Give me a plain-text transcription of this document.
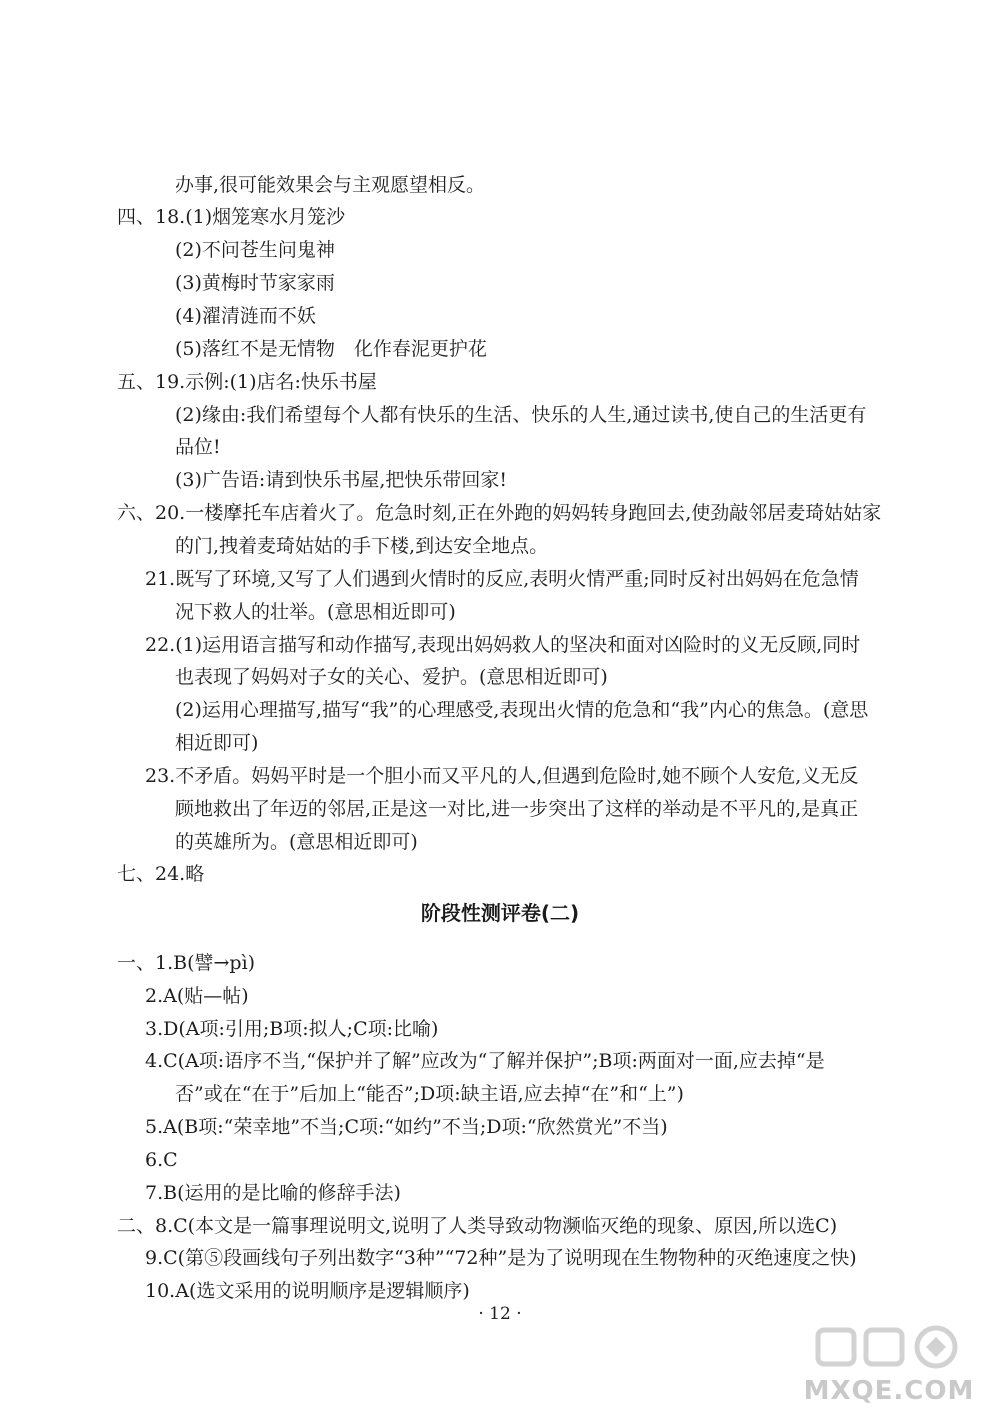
办事,很可能效果会与主观愿望相反。
四、18.(1)烟笼寒水月笼沙
(2)不问苍生问鬼神
(3)黄梅时节家家雨
(4)濯清涟而不妖
(5)落红不是无情物　化作春泥更护花
五、19.示例:(1)店名:快乐书屋
(2)缘由:我们希望每个人都有快乐的生活、快乐的人生,通过读书,使自己的生活更有
品位!
(3)广告语:请到快乐书屋,把快乐带回家!
六、20.一楼摩托车店着火了。危急时刻,正在外跑的妈妈转身跑回去,使劲敲邻居麦琦姑姑家
的门,拽着麦琦姑姑的手下楼,到达安全地点。
21.既写了环境,又写了人们遇到火情时的反应,表明火情严重;同时反衬出妈妈在危急情
况下救人的壮举。(意思相近即可)
22.(1)运用语言描写和动作描写,表现出妈妈救人的坚决和面对凶险时的义无反顾,同时
也表现了妈妈对子女的关心、爱护。(意思相近即可)
(2)运用心理描写,描写“我”的心理感受,表现出火情的危急和“我”内心的焦急。(意思
相近即可)
23.不矛盾。妈妈平时是一个胆小而又平凡的人,但遇到危险时,她不顾个人安危,义无反
顾地救出了年迈的邻居,正是这一对比,进一步突出了这样的举动是不平凡的,是真正
的英雄所为。(意思相近即可)
七、24.略
阶段性测评卷(二)
一、1.B(譬→pì)
2.A(贴—帖)
3.D(A项:引用;B项:拟人;C项:比喻)
4.C(A项:语序不当,“保护并了解”应改为“了解并保护”;B项:两面对一面,应去掉“是
否”或在“在于”后加上“能否”;D项:缺主语,应去掉“在”和“上”)
5.A(B项:“荣幸地”不当;C项:“如约”不当;D项:“欣然赏光”不当)
6.C
7.B(运用的是比喻的修辞手法)
二、8.C(本文是一篇事理说明文,说明了人类导致动物濒临灭绝的现象、原因,所以选C)
9.C(第⑤段画线句子列出数字“3种”“72种”是为了说明现在生物物种的灭绝速度之快)
10.A(选文采用的说明顺序是逻辑顺序)
· 12 ·
MXQE.COM
